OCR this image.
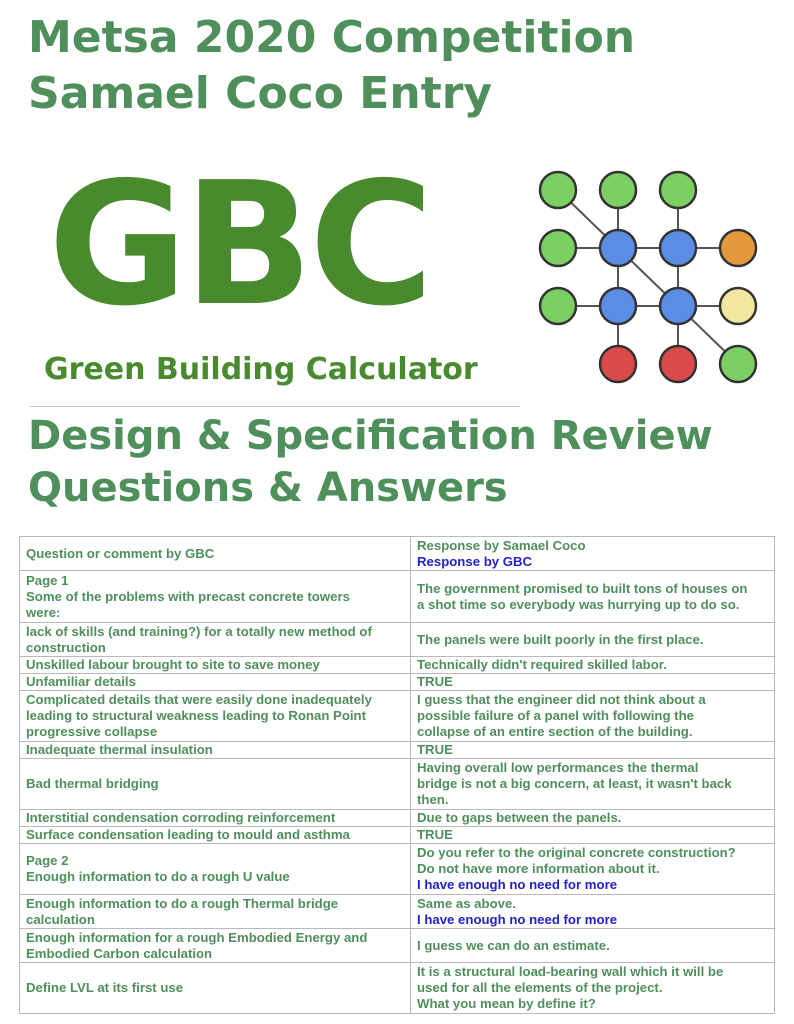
Metsa 2020 Competition
Samael Coco Entry
GBC
Green Building Calculator
Design & Specification Review
Questions & Answers
Question or comment by GBC	Response by Samael Coco
Response by GBC

Page 1
Some of the problems with precast concrete towers
were:	The government promised to built tons of houses on
a shot time so everybody was hurrying up to do so.

lack of skills (and training?) for a totally new method of
construction	The panels were built poorly in the first place.

Unskilled labour brought to site to save money	Technically didn't required skilled labor.

Unfamiliar details	TRUE

Complicated details that were easily done inadequately
leading to structural weakness leading to Ronan Point
progressive collapse	I guess that the engineer did not think about a
possible failure of a panel with following the
collapse of an entire section of the building.

Inadequate thermal insulation	TRUE

Bad thermal bridging	Having overall low performances the thermal
bridge is not a big concern, at least, it wasn't back
then.

Interstitial condensation corroding reinforcement	Due to gaps between the panels.

Surface condensation leading to mould and asthma	TRUE

Page 2
Enough information to do a rough U value	Do you refer to the original concrete construction?
Do not have more information about it.
I have enough no need for more

Enough information to do a rough Thermal bridge
calculation	Same as above.
I have enough no need for more

Enough information for a rough Embodied Energy and
Embodied Carbon calculation	I guess we can do an estimate.

Define LVL at its first use	It is a structural load-bearing wall which it will be
used for all the elements of the project.
What you mean by define it?
